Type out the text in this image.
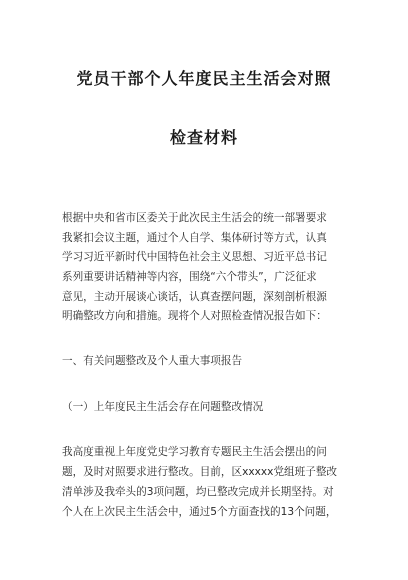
党员干部个人年度民主生活会对照
检查材料
根据中央和省市区委关于此次民主生活会的统一部署要求
我紧扣会议主题，通过个人自学、集体研讨等方式，认真
学习习近平新时代中国特色社会主义思想、习近平总书记
系列重要讲话精神等内容，围绕“六个带头”，广泛征求
意见，主动开展谈心谈话，认真查摆问题，深刻剖析根源
明确整改方向和措施。现将个人对照检查情况报告如下：
一、有关问题整改及个人重大事项报告
（一）上年度民主生活会存在问题整改情况
我高度重视上年度党史学习教育专题民主生活会摆出的问
题，及时对照要求进行整改。目前，区xxxxx党组班子整改
清单涉及我牵头的3项问题，均已整改完成并长期坚持。对
个人在上次民主生活会中，通过5个方面查找的13个问题，
